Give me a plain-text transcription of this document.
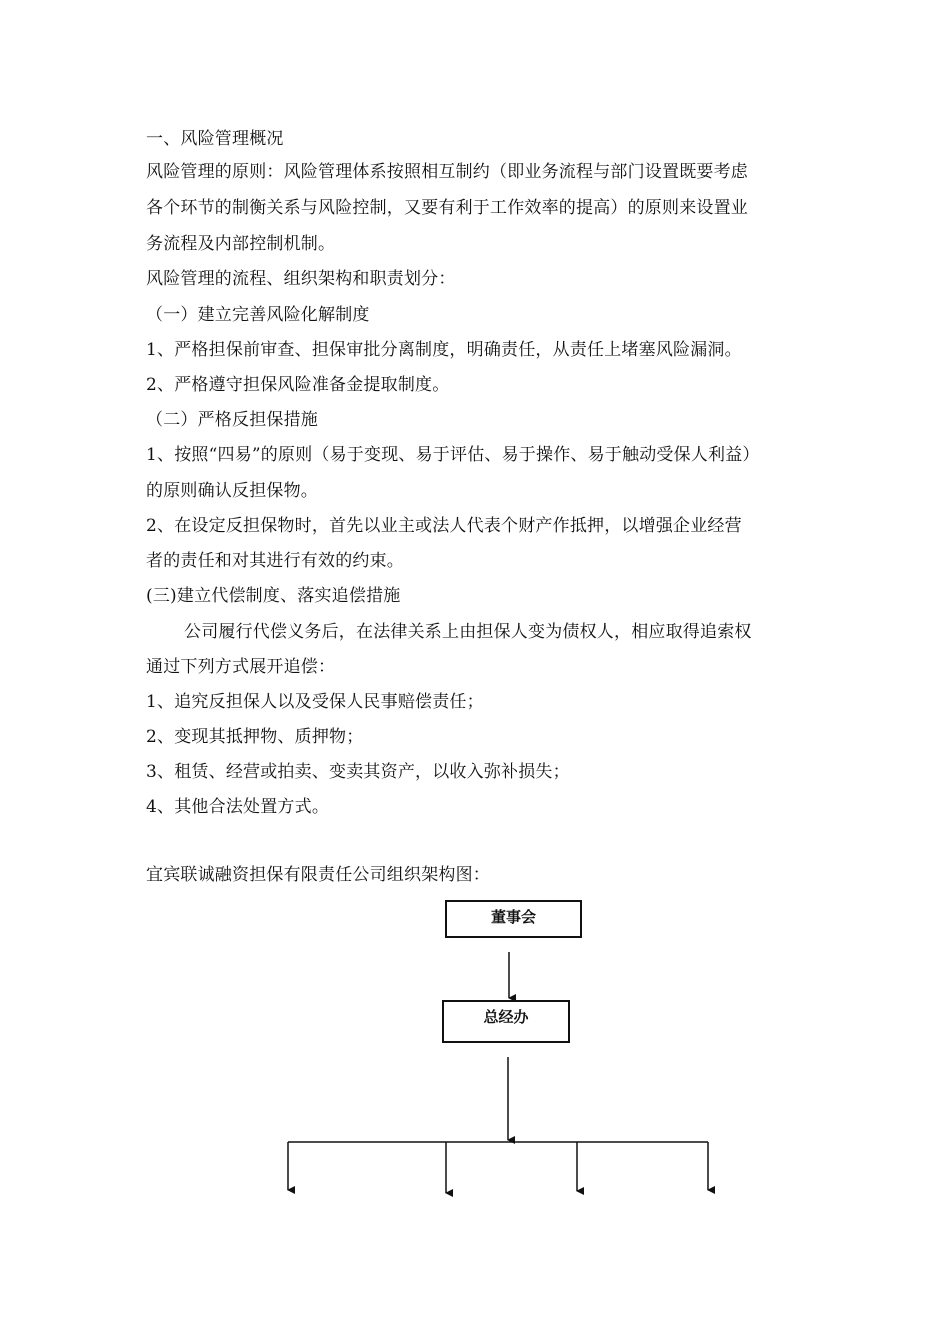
一、风险管理概况
风险管理的原则：风险管理体系按照相互制约（即业务流程与部门设置既要考虑
各个环节的制衡关系与风险控制，又要有利于工作效率的提高）的原则来设置业
务流程及内部控制机制。
风险管理的流程、组织架构和职责划分：
（一）建立完善风险化解制度
1、严格担保前审查、担保审批分离制度，明确责任，从责任上堵塞风险漏洞。
2、严格遵守担保风险准备金提取制度。
（二）严格反担保措施
1、按照“四易”的原则（易于变现、易于评估、易于操作、易于触动受保人利益）
的原则确认反担保物。
2、在设定反担保物时，首先以业主或法人代表个财产作抵押，以增强企业经营
者的责任和对其进行有效的约束。
(三)建立代偿制度、落实追偿措施
公司履行代偿义务后，在法律关系上由担保人变为债权人，相应取得追索权
通过下列方式展开追偿：
1、追究反担保人以及受保人民事赔偿责任；
2、变现其抵押物、质押物；
3、租赁、经营或拍卖、变卖其资产，以收入弥补损失；
4、其他合法处置方式。
宜宾联诚融资担保有限责任公司组织架构图：
董事会
总经办
